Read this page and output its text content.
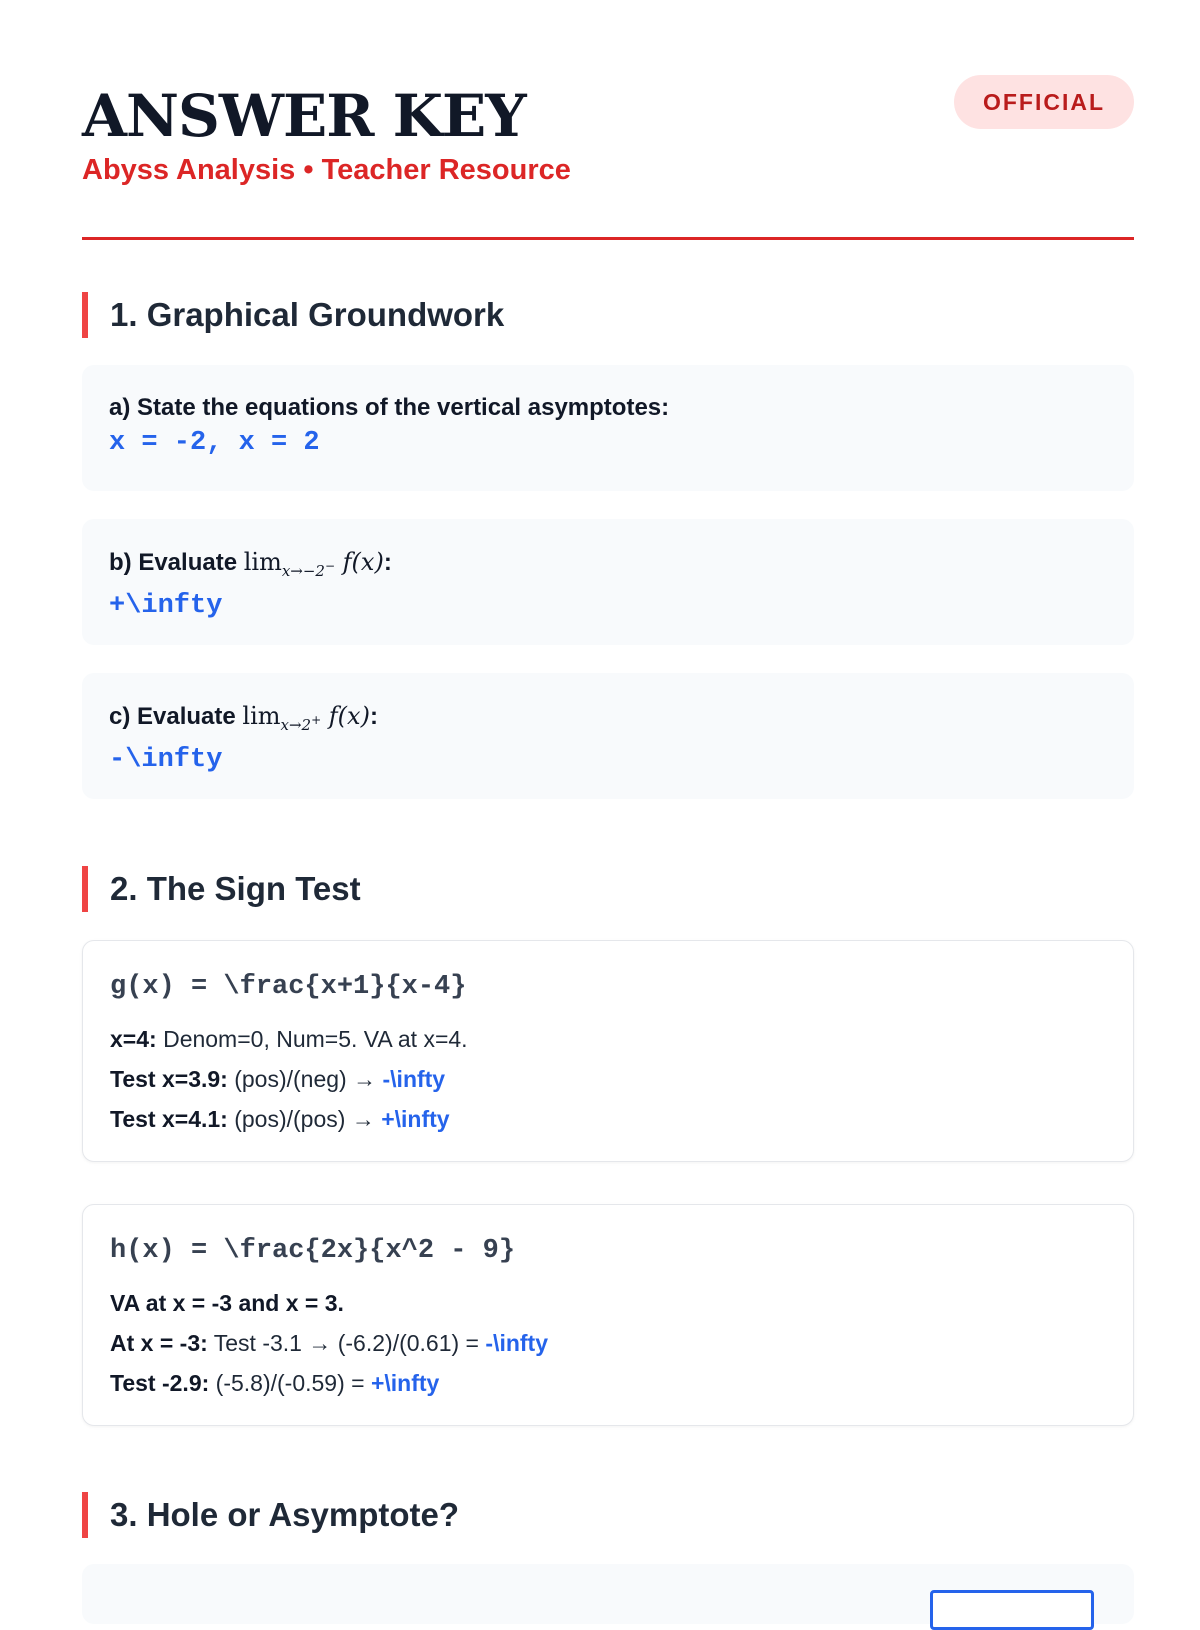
ANSWER KEY
Abyss Analysis • Teacher Resource
OFFICIAL
1. Graphical Groundwork
a) State the equations of the vertical asymptotes:
x = -2, x = 2
b) Evaluate $\lim_{x\to-2^-} f(x)$:
+\infty
c) Evaluate $\lim_{x\to 2^+} f(x)$:
-\infty
2. The Sign Test
g(x) = \frac{x+1}{x-4}
x=4: Denom=0, Num=5. VA at x=4.
Test x=3.9: (pos)/(neg) → -\infty
Test x=4.1: (pos)/(pos) → +\infty
h(x) = \frac{2x}{x^2 - 9}
VA at x = -3 and x = 3.
At x = -3: Test -3.1 → (-6.2)/(0.61) = -\infty
Test -2.9: (-5.8)/(-0.59) = +\infty
3. Hole or Asymptote?
